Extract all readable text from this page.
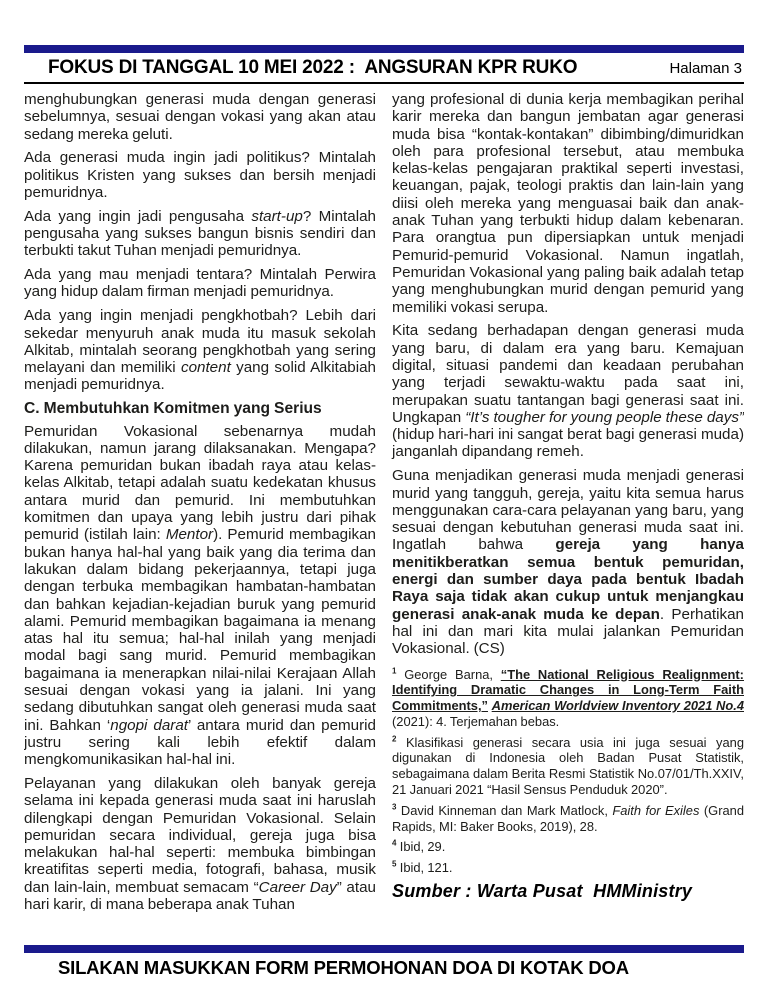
FOKUS DI TANGGAL 10 MEI 2022 :  ANGSURAN KPR RUKO	Halaman 3
menghubungkan generasi muda dengan generasi sebelumnya, sesuai dengan vokasi yang akan atau sedang mereka geluti.
Ada generasi muda ingin jadi politikus? Mintalah politikus Kristen yang sukses dan bersih menjadi pemuridnya.
Ada yang ingin jadi pengusaha start-up? Mintalah pengusaha yang sukses bangun bisnis sendiri dan terbukti takut Tuhan menjadi pemuridnya.
Ada yang mau menjadi tentara? Mintalah Perwira yang hidup dalam firman menjadi pemuridnya.
Ada yang ingin menjadi pengkhotbah? Lebih dari sekedar menyuruh anak muda itu masuk sekolah Alkitab, mintalah seorang pengkhotbah yang sering melayani dan memiliki content yang solid Alkitabiah menjadi pemuridnya.
C. Membutuhkan Komitmen yang Serius
Pemuridan Vokasional sebenarnya mudah dilakukan, namun jarang dilaksanakan. Mengapa? Karena pemuridan bukan ibadah raya atau kelas-kelas Alkitab, tetapi adalah suatu kedekatan khusus antara murid dan pemurid. Ini membutuhkan komitmen dan upaya yang lebih justru dari pihak pemurid (istilah lain: Mentor). Pemurid membagikan bukan hanya hal-hal yang baik yang dia terima dan lakukan dalam bidang pekerjaannya, tetapi juga dengan terbuka membagikan hambatan-hambatan dan bahkan kejadian-kejadian buruk yang pemurid alami. Pemurid membagikan bagaimana ia menang atas hal itu semua; hal-hal inilah yang menjadi modal bagi sang murid. Pemurid membagikan bagaimana ia menerapkan nilai-nilai Kerajaan Allah sesuai dengan vokasi yang ia jalani. Ini yang sedang dibutuhkan sangat oleh generasi muda saat ini. Bahkan ‘ngopi darat’ antara murid dan pemurid justru sering kali lebih efektif dalam mengkomunikasikan hal-hal ini.
Pelayanan yang dilakukan oleh banyak gereja selama ini kepada generasi muda saat ini haruslah dilengkapi dengan Pemuridan Vokasional. Selain pemuridan secara individual, gereja juga bisa melakukan hal-hal seperti: membuka bimbingan kreatifitas seperti media, fotografi, bahasa, musik dan lain-lain, membuat semacam “Career Day” atau hari karir, di mana beberapa anak Tuhan
yang profesional di dunia kerja membagikan perihal karir mereka dan bangun jembatan agar generasi muda bisa “kontak-kontakan” dibimbing/dimuridkan oleh para profesional tersebut, atau membuka kelas-kelas pengajaran praktikal seperti investasi, keuangan, pajak, teologi praktis dan lain-lain yang diisi oleh mereka yang menguasai baik dan anak-anak Tuhan yang terbukti hidup dalam kebenaran. Para orangtua pun dipersiapkan untuk menjadi Pemurid-pemurid Vokasional. Namun ingatlah, Pemuridan Vokasional yang paling baik adalah tetap yang menghubungkan murid dengan pemurid yang memiliki vokasi serupa.
Kita sedang berhadapan dengan generasi muda yang baru, di dalam era yang baru. Kemajuan digital, situasi pandemi dan keadaan perubahan yang terjadi sewaktu-waktu pada saat ini, merupakan suatu tantangan bagi generasi saat ini. Ungkapan “It’s tougher for young people these days” (hidup hari-hari ini sangat berat bagi generasi muda) janganlah dipandang remeh.
Guna menjadikan generasi muda menjadi generasi murid yang tangguh, gereja, yaitu kita semua harus menggunakan cara-cara pelayanan yang baru, yang sesuai dengan kebutuhan generasi muda saat ini. Ingatlah bahwa gereja yang hanya menitikberatkan semua bentuk pemuridan, energi dan sumber daya pada bentuk Ibadah Raya saja tidak akan cukup untuk menjangkau generasi anak-anak muda ke depan. Perhatikan hal ini dan mari kita mulai jalankan Pemuridan Vokasional. (CS)
$^1$ George Barna, “The National Religious Realignment: Identifying Dramatic Changes in Long-Term Faith Commitments,” American Worldview Inventory 2021 No.4 (2021): 4. Terjemahan bebas.
$^2$ Klasifikasi generasi secara usia ini juga sesuai yang digunakan di Indonesia oleh Badan Pusat Statistik, sebagaimana dalam Berita Resmi Statistik No.07/01/Th.XXIV, 21 Januari 2021 “Hasil Sensus Penduduk 2020”.
$^3$ David Kinneman dan Mark Matlock, Faith for Exiles (Grand Rapids, MI: Baker Books, 2019), 28.
$^4$ Ibid, 29.
$^5$ Ibid, 121.
Sumber : Warta Pusat  HMMinistry
SILAKAN MASUKKAN FORM PERMOHONAN DOA DI KOTAK DOA
